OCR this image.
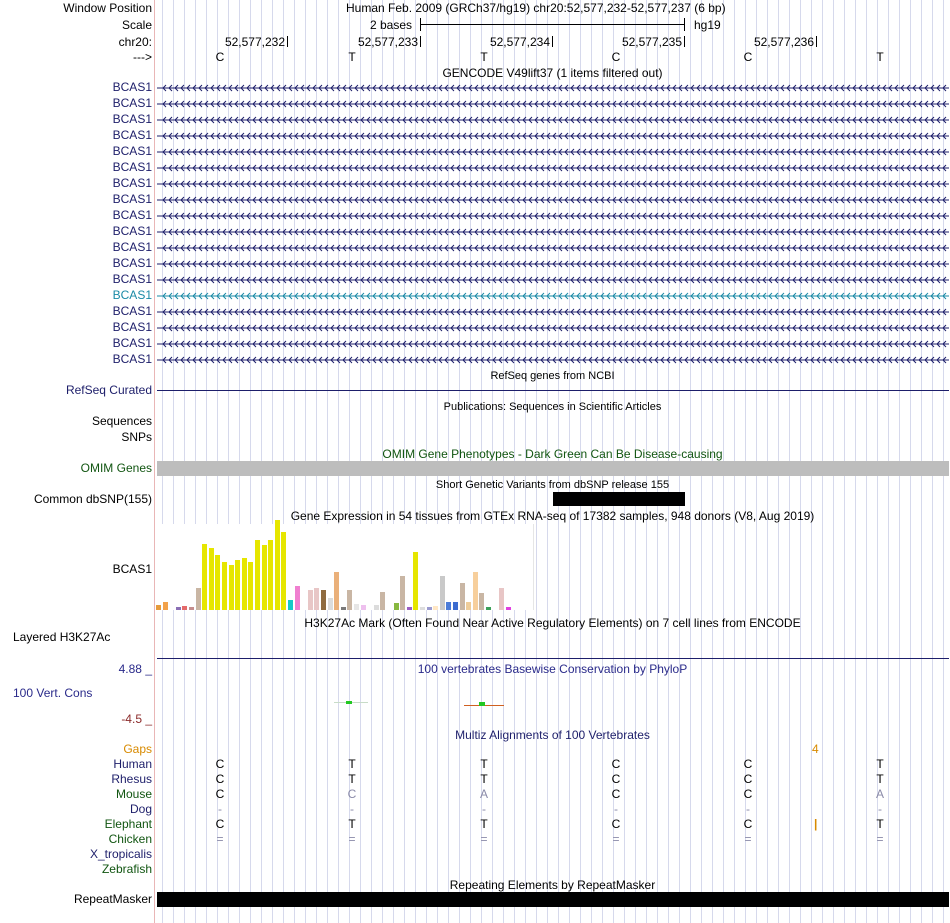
Window Position	Human Feb. 2009 (GRCh37/hg19) chr20:52,577,232-52,577,237 (6 bp)
Scale	2 bases	hg19
chr20:
--->
GENCODE V49lift37 (1 items filtered out)
RefSeq genes from NCBI
RefSeq Curated
Publications: Sequences in Scientific Articles
Sequences
SNPs
OMIM Gene Phenotypes - Dark Green Can Be Disease-causing
OMIM Genes
Short Genetic Variants from dbSNP release 155
Common dbSNP(155)
Gene Expression in 54 tissues from GTEx RNA-seq of 17382 samples, 948 donors (V8, Aug 2019)
BCAS1
H3K27Ac Mark (Often Found Near Active Regulatory Elements) on 7 cell lines from ENCODE
Layered H3K27Ac
100 vertebrates Basewise Conservation by PhyloP
4.88 _
100 Vert. Cons
-4.5 _
Multiz Alignments of 100 Vertebrates
Gaps	4
Human	C	T	T	C	C	T
Rhesus	C	T	T	C	C	T
Mouse	C	C	A	C	C	A
Dog	-	-	-	-	-	-
Elephant	C	T	T	C	C	T
Chicken	=	=	=	=	=	=
X_tropicalis
Zebrafish
|
Repeating Elements by RepeatMasker
RepeatMasker
52,577,232	52,577,233	52,577,234	52,577,235	52,577,236
C	T	T	C	C	T
BCAS1
BCAS1
BCAS1
BCAS1
BCAS1
BCAS1
BCAS1
BCAS1
BCAS1
BCAS1
BCAS1
BCAS1
BCAS1
BCAS1
BCAS1
BCAS1
BCAS1
BCAS1
